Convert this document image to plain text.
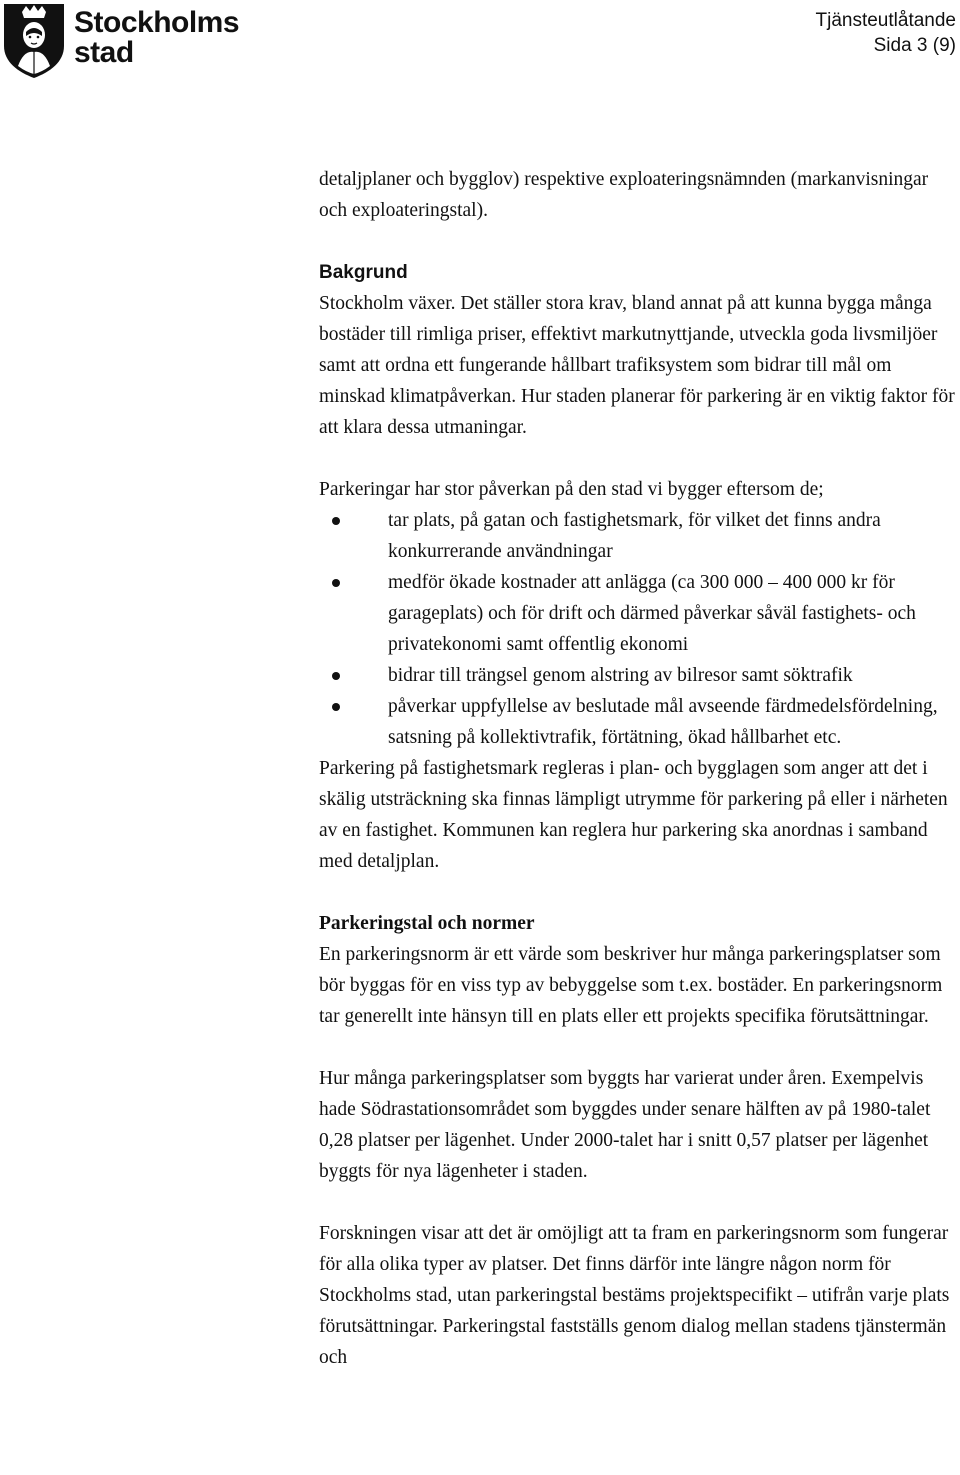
Stockholms
stad
Tjänsteutlåtande
Sida 3 (9)

detaljplaner och bygglov) respektive exploateringsnämnden (markanvisningar och exploateringstal).

Bakgrund

Stockholm växer. Det ställer stora krav, bland annat på att kunna bygga många bostäder till rimliga priser, effektivt markutnyttjande, utveckla goda livsmiljöer samt att ordna ett fungerande hållbart trafiksystem som bidrar till mål om minskad klimatpåverkan. Hur staden planerar för parkering är en viktig faktor för att klara dessa utmaningar.

Parkeringar har stor påverkan på den stad vi bygger eftersom de;

tar plats, på gatan och fastighetsmark, för vilket det finns andra konkurrerande användningar
medför ökade kostnader att anlägga (ca 300 000 – 400 000 kr för garageplats) och för drift och därmed påverkar såväl fastighets- och privatekonomi samt offentlig ekonomi
bidrar till trängsel genom alstring av bilresor samt söktrafik
påverkar uppfyllelse av beslutade mål avseende färdmedelsfördelning, satsning på kollektivtrafik, förtätning, ökad hållbarhet etc.

Parkering på fastighetsmark regleras i plan- och bygglagen som anger att det i skälig utsträckning ska finnas lämpligt utrymme för parkering på eller i närheten av en fastighet. Kommunen kan reglera hur parkering ska anordnas i samband med detaljplan.

Parkeringstal och normer

En parkeringsnorm är ett värde som beskriver hur många parkeringsplatser som bör byggas för en viss typ av bebyggelse som t.ex. bostäder. En parkeringsnorm tar generellt inte hänsyn till en plats eller ett projekts specifika förutsättningar.

Hur många parkeringsplatser som byggts har varierat under åren. Exempelvis hade Södrastationsområdet som byggdes under senare hälften av på 1980-talet 0,28 platser per lägenhet. Under 2000-talet har i snitt 0,57 platser per lägenhet byggts för nya lägenheter i staden.

Forskningen visar att det är omöjligt att ta fram en parkeringsnorm som fungerar för alla olika typer av platser. Det finns därför inte längre någon norm för Stockholms stad, utan parkeringstal bestäms projektspecifikt – utifrån varje plats förutsättningar. Parkeringstal fastställs genom dialog mellan stadens tjänstermän och
